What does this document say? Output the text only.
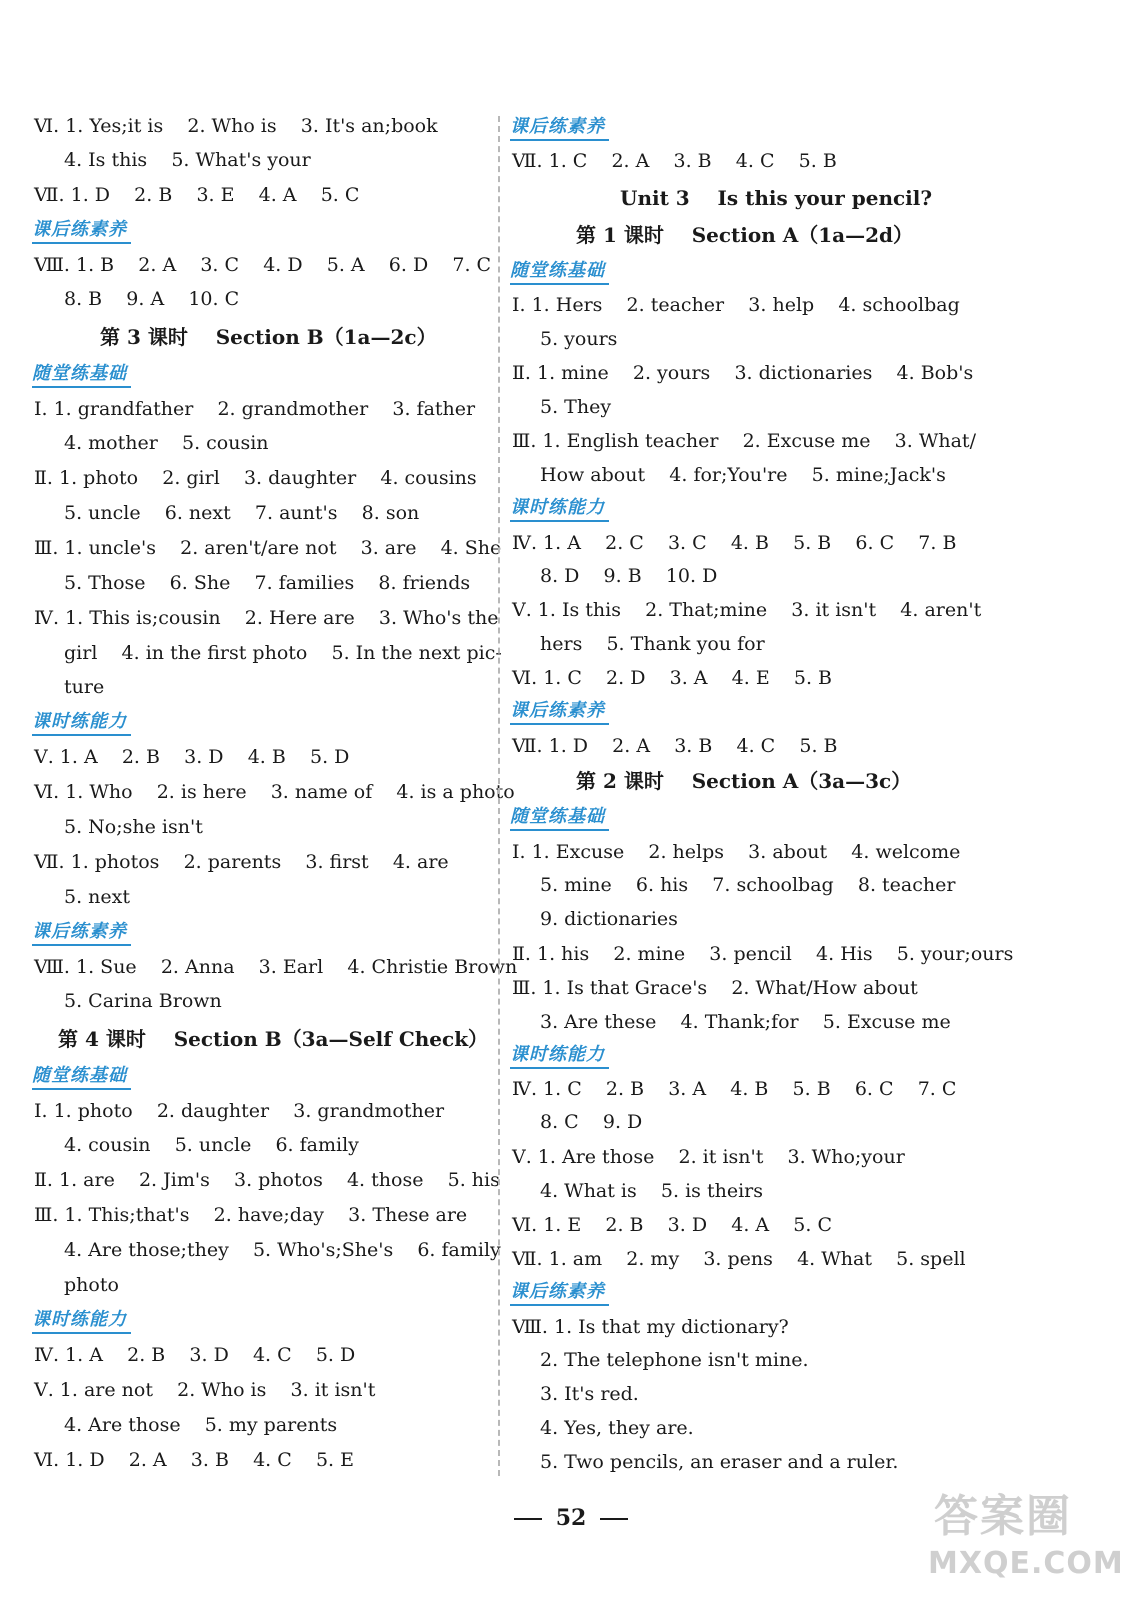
Ⅵ. 1. Yes;it is    2. Who is    3. It's an;book
4. Is this    5. What's your
Ⅶ. 1. D    2. B    3. E    4. A    5. C
课后练素养
Ⅷ. 1. B    2. A    3. C    4. D    5. A    6. D    7. C
8. B    9. A    10. C
第 3 课时    Section B（1a—2c）
随堂练基础
Ⅰ. 1. grandfather    2. grandmother    3. father
4. mother    5. cousin
Ⅱ. 1. photo    2. girl    3. daughter    4. cousins
5. uncle    6. next    7. aunt's    8. son
Ⅲ. 1. uncle's    2. aren't/are not    3. are    4. She
5. Those    6. She    7. families    8. friends
Ⅳ. 1. This is;cousin    2. Here are    3. Who's the
girl    4. in the first photo    5. In the next pic-
ture
课时练能力
Ⅴ. 1. A    2. B    3. D    4. B    5. D
Ⅵ. 1. Who    2. is here    3. name of    4. is a photo
5. No;she isn't
Ⅶ. 1. photos    2. parents    3. first    4. are
5. next
课后练素养
Ⅷ. 1. Sue    2. Anna    3. Earl    4. Christie Brown
5. Carina Brown
第 4 课时    Section B（3a—Self Check）
随堂练基础
Ⅰ. 1. photo    2. daughter    3. grandmother
4. cousin    5. uncle    6. family
Ⅱ. 1. are    2. Jim's    3. photos    4. those    5. his
Ⅲ. 1. This;that's    2. have;day    3. These are
4. Are those;they    5. Who's;She's    6. family
photo
课时练能力
Ⅳ. 1. A    2. B    3. D    4. C    5. D
Ⅴ. 1. are not    2. Who is    3. it isn't
4. Are those    5. my parents
Ⅵ. 1. D    2. A    3. B    4. C    5. E
课后练素养
Ⅶ. 1. C    2. A    3. B    4. C    5. B
Unit 3    Is this your pencil?
第 1 课时    Section A（1a—2d）
随堂练基础
Ⅰ. 1. Hers    2. teacher    3. help    4. schoolbag
5. yours
Ⅱ. 1. mine    2. yours    3. dictionaries    4. Bob's
5. They
Ⅲ. 1. English teacher    2. Excuse me    3. What/
How about    4. for;You're    5. mine;Jack's
课时练能力
Ⅳ. 1. A    2. C    3. C    4. B    5. B    6. C    7. B
8. D    9. B    10. D
Ⅴ. 1. Is this    2. That;mine    3. it isn't    4. aren't
hers    5. Thank you for
Ⅵ. 1. C    2. D    3. A    4. E    5. B
课后练素养
Ⅶ. 1. D    2. A    3. B    4. C    5. B
第 2 课时    Section A（3a—3c）
随堂练基础
Ⅰ. 1. Excuse    2. helps    3. about    4. welcome
5. mine    6. his    7. schoolbag    8. teacher
9. dictionaries
Ⅱ. 1. his    2. mine    3. pencil    4. His    5. your;ours
Ⅲ. 1. Is that Grace's    2. What/How about
3. Are these    4. Thank;for    5. Excuse me
课时练能力
Ⅳ. 1. C    2. B    3. A    4. B    5. B    6. C    7. C
8. C    9. D
Ⅴ. 1. Are those    2. it isn't    3. Who;your
4. What is    5. is theirs
Ⅵ. 1. E    2. B    3. D    4. A    5. C
Ⅶ. 1. am    2. my    3. pens    4. What    5. spell
课后练素养
Ⅷ. 1. Is that my dictionary?
2. The telephone isn't mine.
3. It's red.
4. Yes, they are.
5. Two pencils, an eraser and a ruler.
52	答案圈
MXQE.COM
